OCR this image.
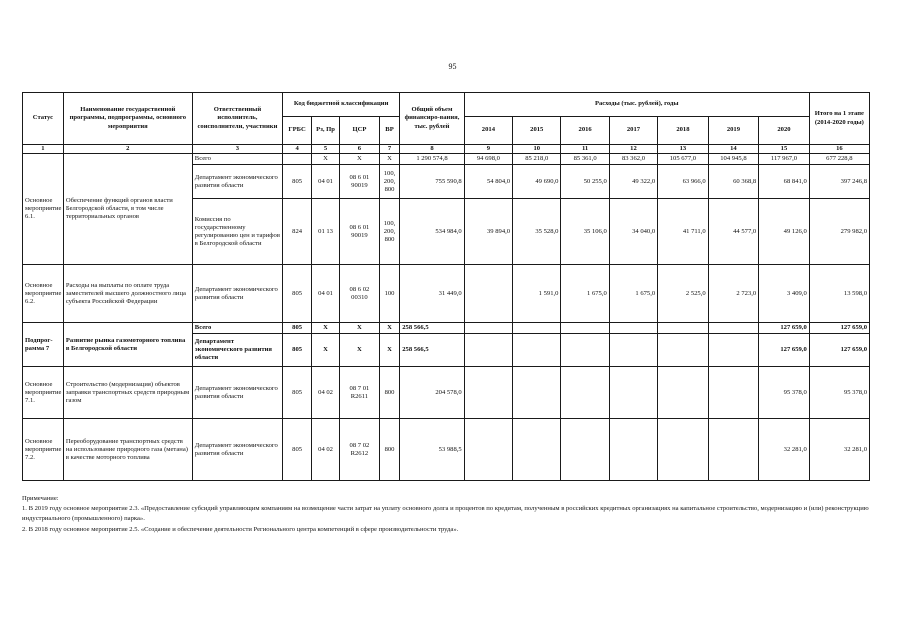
95
Статус	Наименование государственной программы, подпрограммы, основного мероприятия	Ответственный исполнитель, соисполнители, участники	Код бюджетной классификации				Общий объем финансиро-вания, тыс. рублей	Расходы (тыс. рублей), годы							Итого на 1 этапе (2014-2020 годы)
			ГРБС	Рз, Пр	ЦСР	ВР		2014	2015	2016	2017	2018	2019	2020	
1	2	3	4	5	6	7	8	9	10	11	12	13	14	15	16
Основное мероприятие 6.1.	Обеспечение функций органов власти Белгородской области, в том числе территориальных органов	Всего		X	X	X	1 290 574,8	94 698,0	85 218,0	85 361,0	83 362,0	105 677,0	104 945,8	117 967,0	677 228,8
		Департамент экономического развития области	805	04 01	08 6 01 90019	100, 200, 800	755 590,8	54 804,0	49 690,0	50 255,0	49 322,0	63 966,0	60 368,8	68 841,0	397 246,8
		Комиссия по государственному регулированию цен и тарифов в Белгородской области	824	01 13	08 6 01 90019	100, 200, 800	534 984,0	39 894,0	35 528,0	35 106,0	34 040,0	41 711,0	44 577,0	49 126,0	279 982,0
Основное мероприятие 6.2.	Расходы на выплаты по оплате труда заместителей высшего должностного лица субъекта Российской Федерации	Департамент экономического развития области	805	04 01	08 6 02 00310	100	31 449,0		1 591,0	1 675,0	1 675,0	2 525,0	2 723,0	3 409,0	13 598,0
Подпрог-рамма 7	Развитие рынка газомоторного топлива в Белгородской области	Всего	805	X	X	X	258 566,5							127 659,0	127 659,0
		Департамент экономического развития области	805	X	X	X	258 566,5							127 659,0	127 659,0
Основное мероприятие 7.1.	Строительство (модернизация) объектов заправки транспортных средств природным газом	Департамент экономического развития области	805	04 02	08 7 01 R2611	800	204 578,0							95 378,0	95 378,0
Основное мероприятие 7.2.	Переоборудование транспортных средств на использование природного газа (метана) в качестве моторного топлива	Департамент экономического развития области	805	04 02	08 7 02 R2612	800	53 988,5							32 281,0	32 281,0

Примечание:

1. В 2019 году основное мероприятие 2.3. «Предоставление субсидий управляющим компаниям на возмещение части затрат на уплату основного долга и процентов по кредитам, полученным в российских кредитных организациях на капитальное строительство, модернизацию и (или) реконструкцию индустриального (промышленного) парка».

2. В 2018 году основное мероприятие 2.5. «Создание и обеспечение деятельности Регионального центра компетенций в сфере производительности труда».
